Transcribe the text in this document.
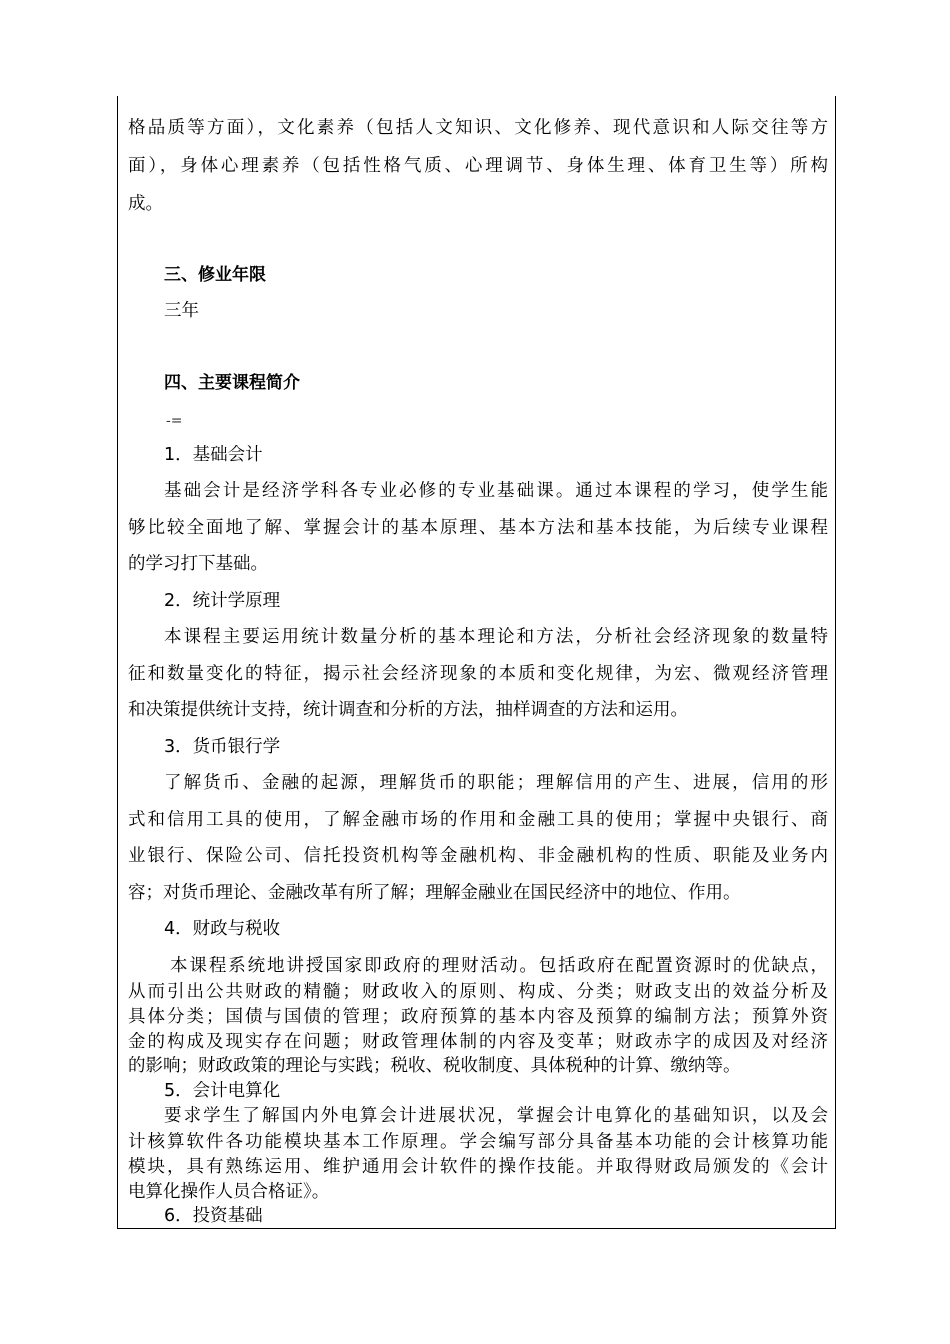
格品质等方面），文化素养（包括人文知识、文化修养、现代意识和人际交往等方

面），身体心理素养（包括性格气质、心理调节、身体生理、体育卫生等）所构

成。

三、修业年限

三年

四、主要课程简介

-=

1．基础会计

基础会计是经济学科各专业必修的专业基础课。通过本课程的学习，使学生能

够比较全面地了解、掌握会计的基本原理、基本方法和基本技能，为后续专业课程

的学习打下基础。

2．统计学原理

本课程主要运用统计数量分析的基本理论和方法，分析社会经济现象的数量特

征和数量变化的特征，揭示社会经济现象的本质和变化规律，为宏、微观经济管理

和决策提供统计支持，统计调查和分析的方法，抽样调查的方法和运用。

3．货币银行学

了解货币、金融的起源，理解货币的职能；理解信用的产生、进展，信用的形

式和信用工具的使用，了解金融市场的作用和金融工具的使用；掌握中央银行、商

业银行、保险公司、信托投资机构等金融机构、非金融机构的性质、职能及业务内

容；对货币理论、金融改革有所了解；理解金融业在国民经济中的地位、作用。

4．财政与税收

本课程系统地讲授国家即政府的理财活动。包括政府在配置资源时的优缺点，

从而引出公共财政的精髓；财政收入的原则、构成、分类；财政支出的效益分析及

具体分类；国债与国债的管理；政府预算的基本内容及预算的编制方法；预算外资

金的构成及现实存在问题；财政管理体制的内容及变革；财政赤字的成因及对经济

的影响；财政政策的理论与实践；税收、税收制度、具体税种的计算、缴纳等。

5．会计电算化

要求学生了解国内外电算会计进展状况，掌握会计电算化的基础知识，以及会

计核算软件各功能模块基本工作原理。学会编写部分具备基本功能的会计核算功能

模块，具有熟练运用、维护通用会计软件的操作技能。并取得财政局颁发的《会计

电算化操作人员合格证》。

6．投资基础
